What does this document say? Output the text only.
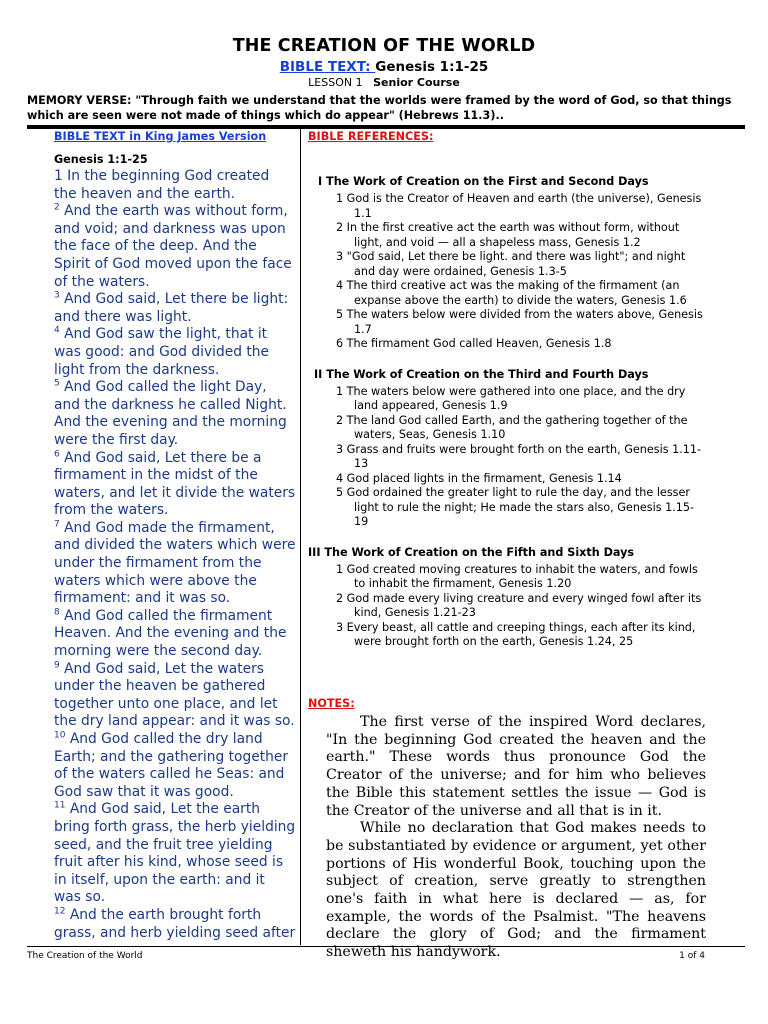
THE CREATION OF THE WORLD
BIBLE TEXT: Genesis 1:1-25
LESSON 1 Senior Course
MEMORY VERSE: "Through faith we understand that the worlds were framed by the word of God, so that things which are seen were not made of things which do appear" (Hebrews 11.3)..
BIBLE TEXT in King James Version
Genesis 1:1-25
1 In the beginning God created the heaven and the earth.
$^2$ And the earth was without form, and void; and darkness was upon the face of the deep. And the Spirit of God moved upon the face of the waters.
$^3$ And God said, Let there be light: and there was light.
$^4$ And God saw the light, that it was good: and God divided the light from the darkness.
$^5$ And God called the light Day, and the darkness he called Night. And the evening and the morning were the first day.
$^6$ And God said, Let there be a firmament in the midst of the waters, and let it divide the waters from the waters.
$^7$ And God made the firmament, and divided the waters which were under the firmament from the waters which were above the firmament: and it was so.
$^8$ And God called the firmament Heaven. And the evening and the morning were the second day.
$^9$ And God said, Let the waters under the heaven be gathered together unto one place, and let the dry land appear: and it was so.
$^{10}$ And God called the dry land Earth; and the gathering together of the waters called he Seas: and God saw that it was good.
$^{11}$ And God said, Let the earth bring forth grass, the herb yielding seed, and the fruit tree yielding fruit after his kind, whose seed is in itself, upon the earth: and it was so.
$^{12}$ And the earth brought forth grass, and herb yielding seed after
BIBLE REFERENCES:
I The Work of Creation on the First and Second Days
1 God is the Creator of Heaven and earth (the universe), Genesis 1.1
2 In the first creative act the earth was without form, without light, and void — all a shapeless mass, Genesis 1.2
3 "God said, Let there be light. and there was light"; and night and day were ordained, Genesis 1.3-5
4 The third creative act was the making of the firmament (an expanse above the earth) to divide the waters, Genesis 1.6
5 The waters below were divided from the waters above, Genesis 1.7
6 The firmament God called Heaven, Genesis 1.8
II The Work of Creation on the Third and Fourth Days
1 The waters below were gathered into one place, and the dry land appeared, Genesis 1.9
2 The land God called Earth, and the gathering together of the waters, Seas, Genesis 1.10
3 Grass and fruits were brought forth on the earth, Genesis 1.11-13
4 God placed lights in the firmament, Genesis 1.14
5 God ordained the greater light to rule the day, and the lesser light to rule the night; He made the stars also, Genesis 1.15-19
III The Work of Creation on the Fifth and Sixth Days
1 God created moving creatures to inhabit the waters, and fowls to inhabit the firmament, Genesis 1.20
2 God made every living creature and every winged fowl after its kind, Genesis 1.21-23
3 Every beast, all cattle and creeping things, each after its kind, were brought forth on the earth, Genesis 1.24, 25
NOTES:

The first verse of the inspired Word declares, "In the beginning God created the heaven and the earth." These words thus pronounce God the Creator of the universe; and for him who believes the Bible this statement settles the issue — God is the Creator of the universe and all that is in it.

While no declaration that God makes needs to be substantiated by evidence or argument, yet other portions of His wonderful Book, touching upon the subject of creation, serve greatly to strengthen one's faith in what here is declared — as, for example, the words of the Psalmist. "The heavens declare the glory of God; and the firmament sheweth his handywork.

The Creation of the World	1 of 4
